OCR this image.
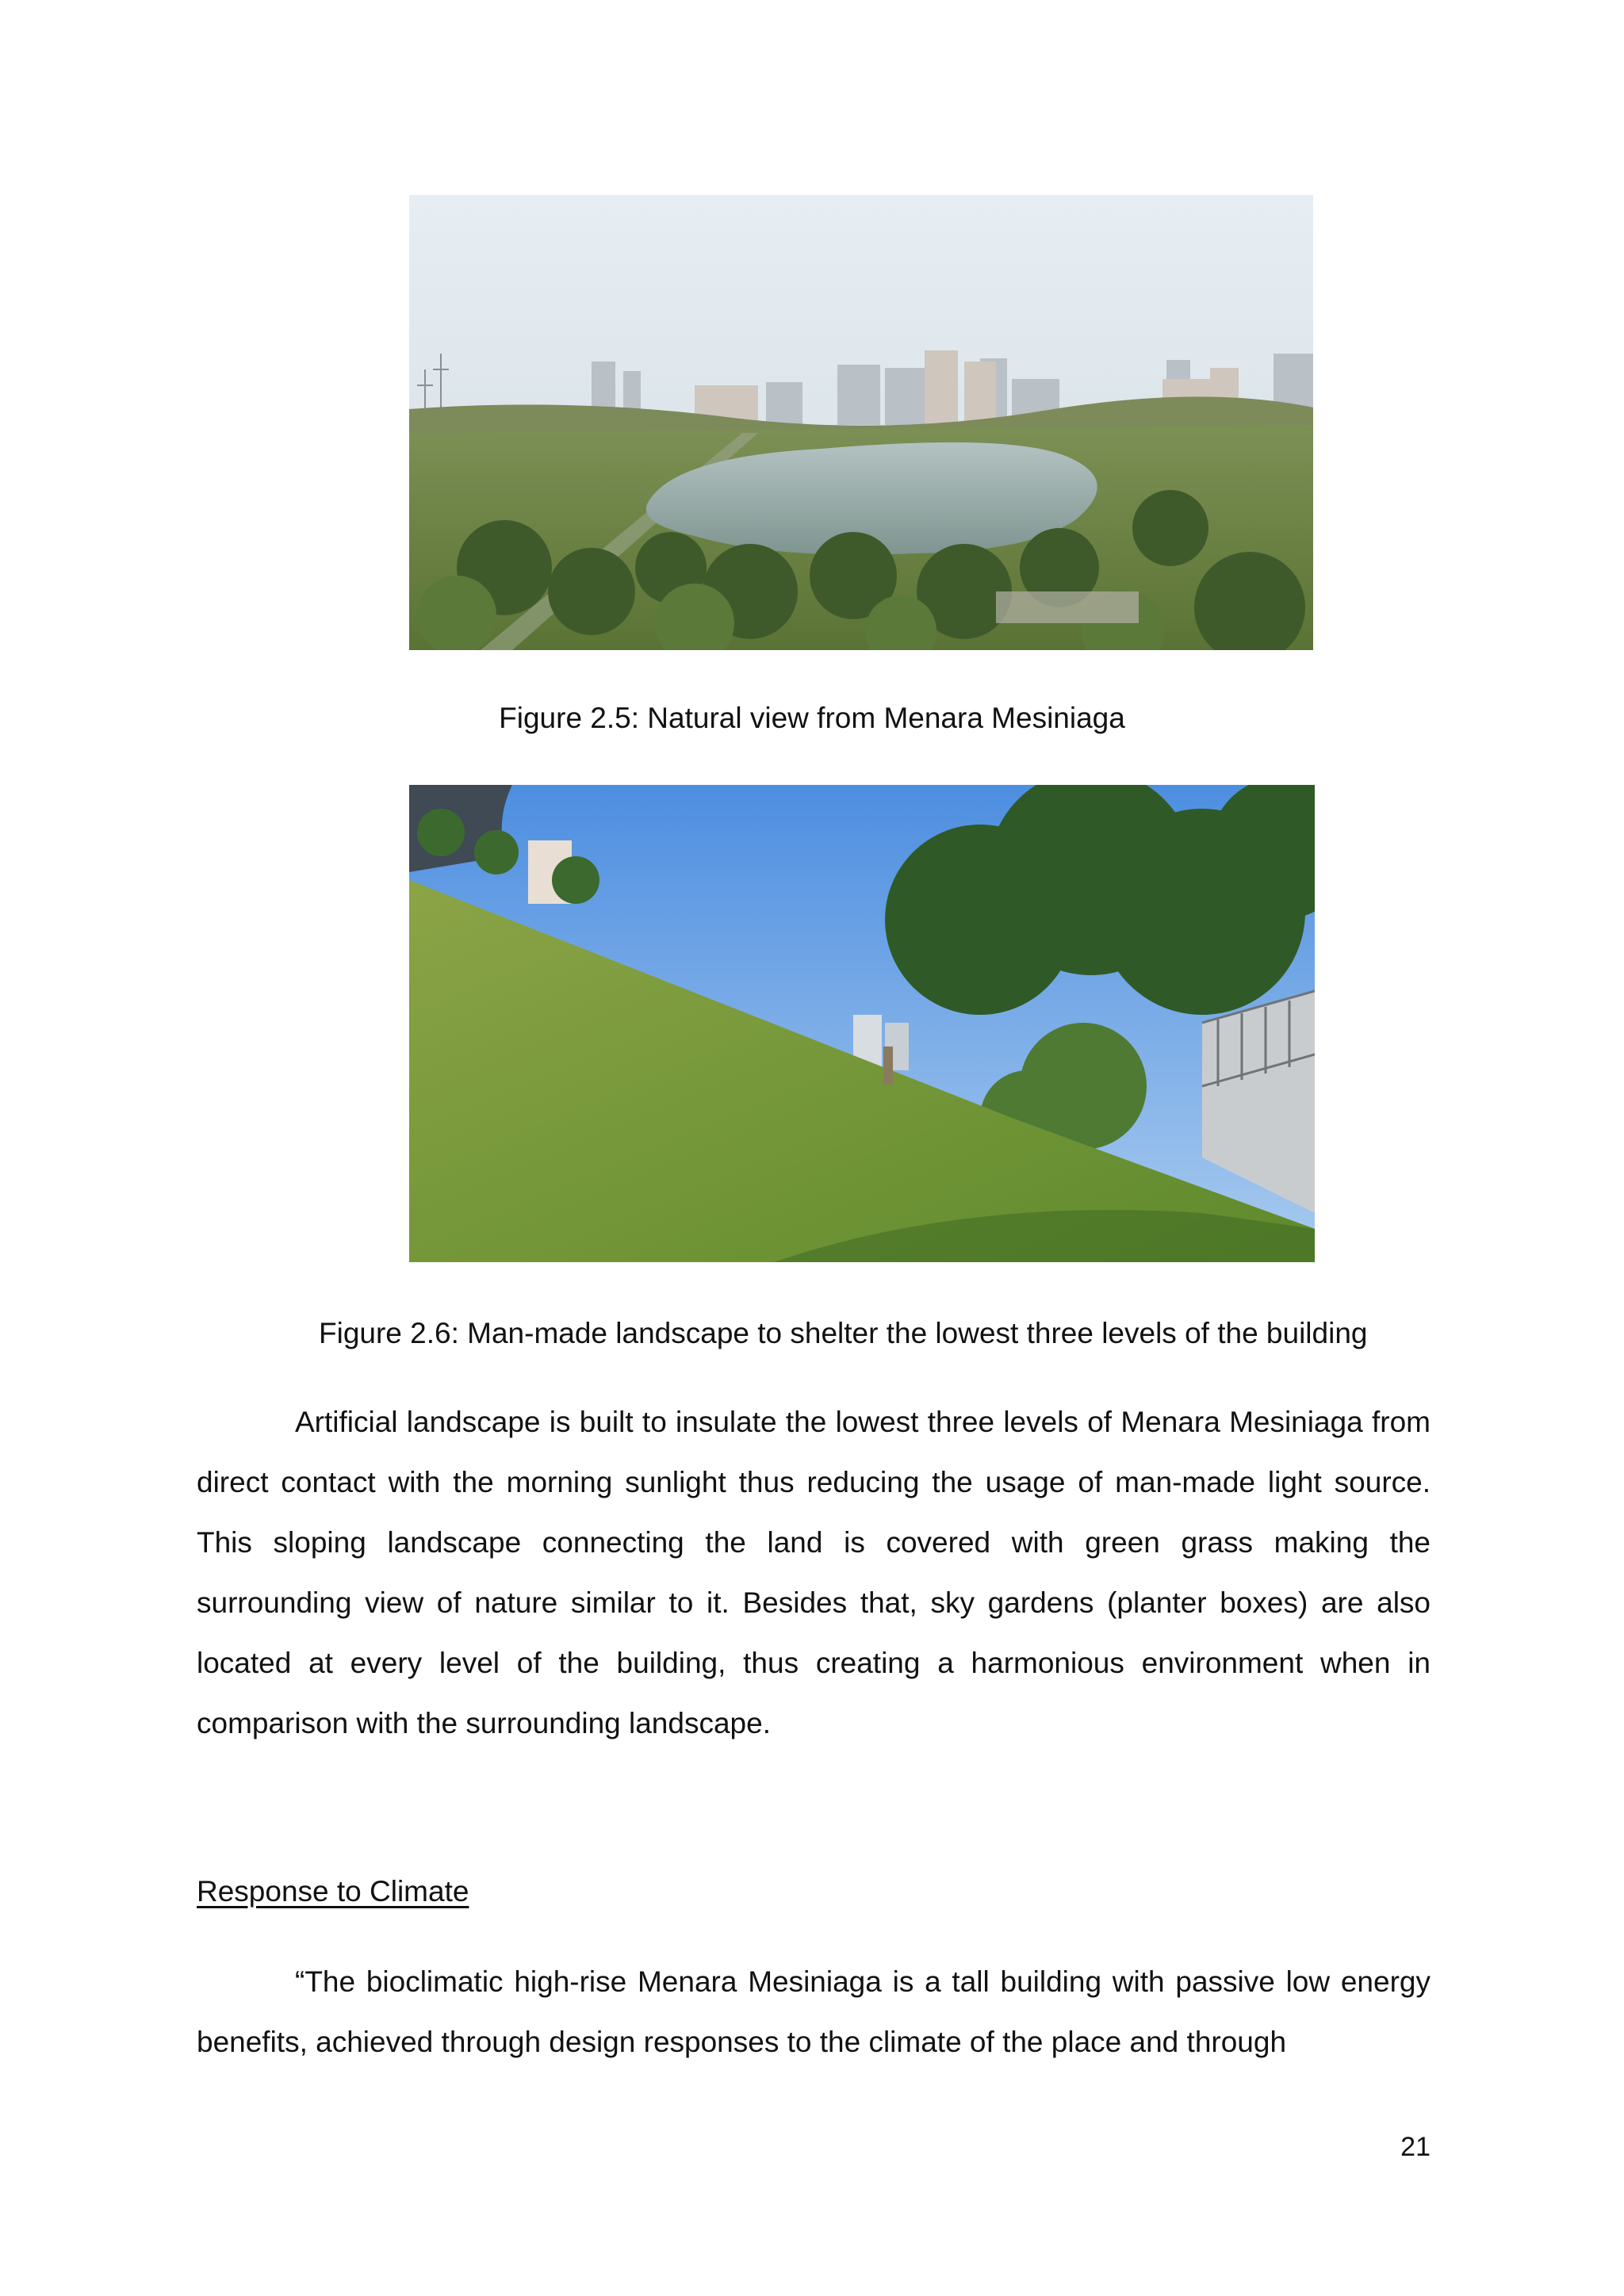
Figure 2.5: Natural view from Menara Mesiniaga
Figure 2.6: Man-made landscape to shelter the lowest three levels of the building

Artificial landscape is built to insulate the lowest three levels of Menara Mesiniaga from direct contact with the morning sunlight thus reducing the usage of man-made light source. This sloping landscape connecting the land is covered with green grass making the surrounding view of nature similar to it. Besides that, sky gardens (planter boxes) are also located at every level of the building, thus creating a harmonious environment when in comparison with the surrounding landscape.

Response to Climate

“The bioclimatic high-rise Menara Mesiniaga is a tall building with passive low energy benefits, achieved through design responses to the climate of the place and through

21
